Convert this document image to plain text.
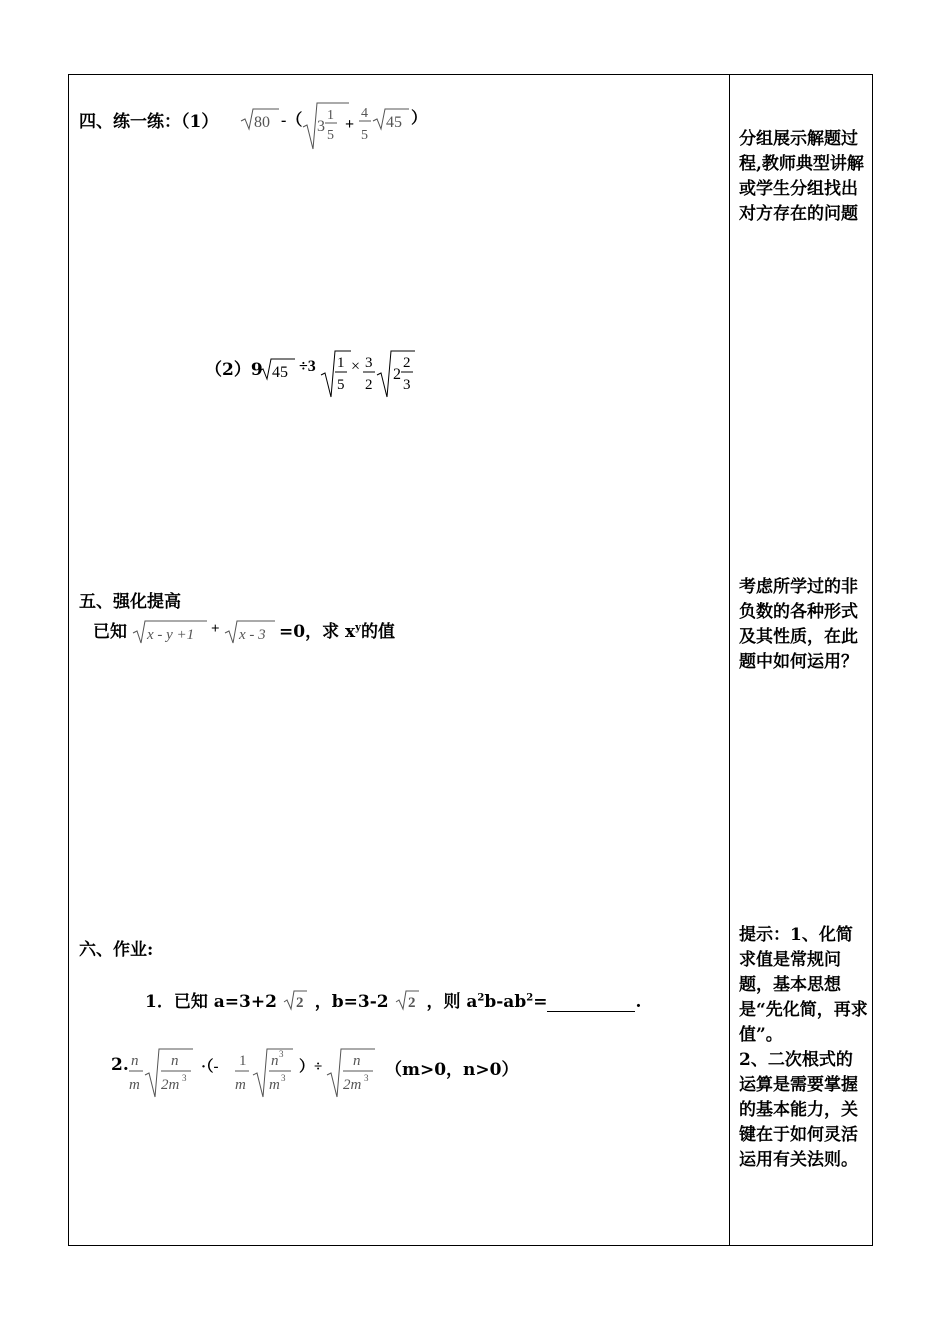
四、练一练：（1） 80 -（ 3
1
5
+
4
5
45 ）
（2）9 45 ÷3 1
5
× 3
2
2
2
3
分组展示解题过程,教师典型讲解或学生分组找出对方存在的问题
五、强化提高
已知 x - y +1 + x - 3 =0，求 $x^y$的值
考虑所学过的非负数的各种形式及其性质，在此题中如何运用？
六、作业:
1．已知 a=3+2 2 ，b=3-2 2 ，则 $a^2b-ab^2=$	.
2. n
m
n
2m 3
·（- 1
m
n 3
m 3
）÷ n
2m 3 （m>0，n>0）
提示：1、化简求值是常规问题，基本思想是“先化简，再求值”。
2、二次根式的运算是需要掌握的基本能力，关键在于如何灵活运用有关法则。
